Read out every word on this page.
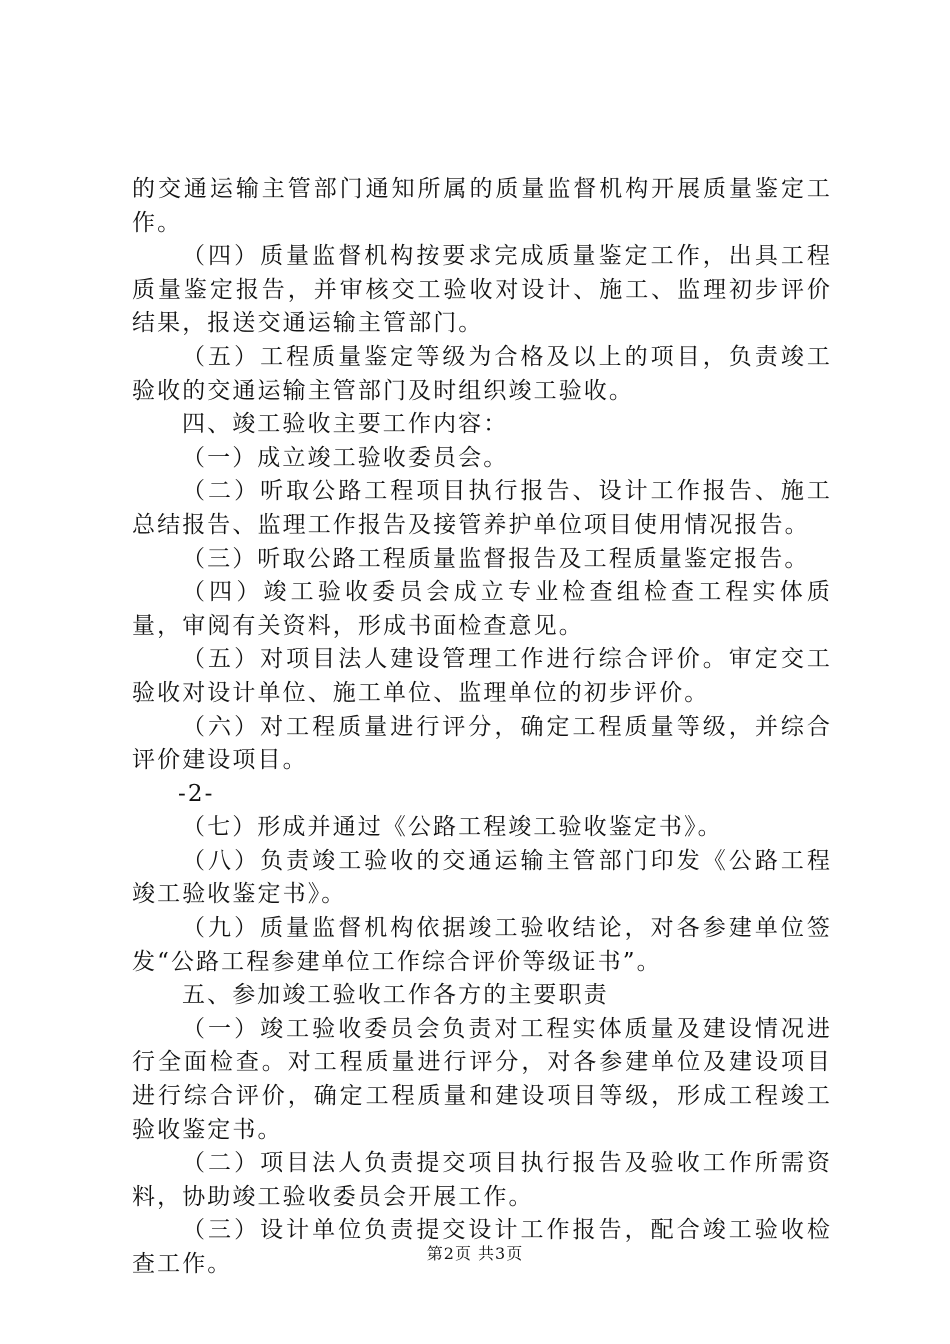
的交通运输主管部门通知所属的质量监督机构开展质量鉴定工作。

（四）质量监督机构按要求完成质量鉴定工作，出具工程质量鉴定报告，并审核交工验收对设计、施工、监理初步评价结果，报送交通运输主管部门。

（五）工程质量鉴定等级为合格及以上的项目，负责竣工验收的交通运输主管部门及时组织竣工验收。

四、竣工验收主要工作内容：

（一）成立竣工验收委员会。

（二）听取公路工程项目执行报告、设计工作报告、施工总结报告、监理工作报告及接管养护单位项目使用情况报告。

（三）听取公路工程质量监督报告及工程质量鉴定报告。

（四）竣工验收委员会成立专业检查组检查工程实体质量，审阅有关资料，形成书面检查意见。

（五）对项目法人建设管理工作进行综合评价。审定交工验收对设计单位、施工单位、监理单位的初步评价。

（六）对工程质量进行评分，确定工程质量等级，并综合评价建设项目。

-2-

（七）形成并通过《公路工程竣工验收鉴定书》。

（八）负责竣工验收的交通运输主管部门印发《公路工程竣工验收鉴定书》。

（九）质量监督机构依据竣工验收结论，对各参建单位签发“公路工程参建单位工作综合评价等级证书”。

五、参加竣工验收工作各方的主要职责

（一）竣工验收委员会负责对工程实体质量及建设情况进行全面检查。对工程质量进行评分，对各参建单位及建设项目进行综合评价，确定工程质量和建设项目等级，形成工程竣工验收鉴定书。

（二）项目法人负责提交项目执行报告及验收工作所需资料，协助竣工验收委员会开展工作。

（三）设计单位负责提交设计工作报告，配合竣工验收检查工作。	第2页 共3页
